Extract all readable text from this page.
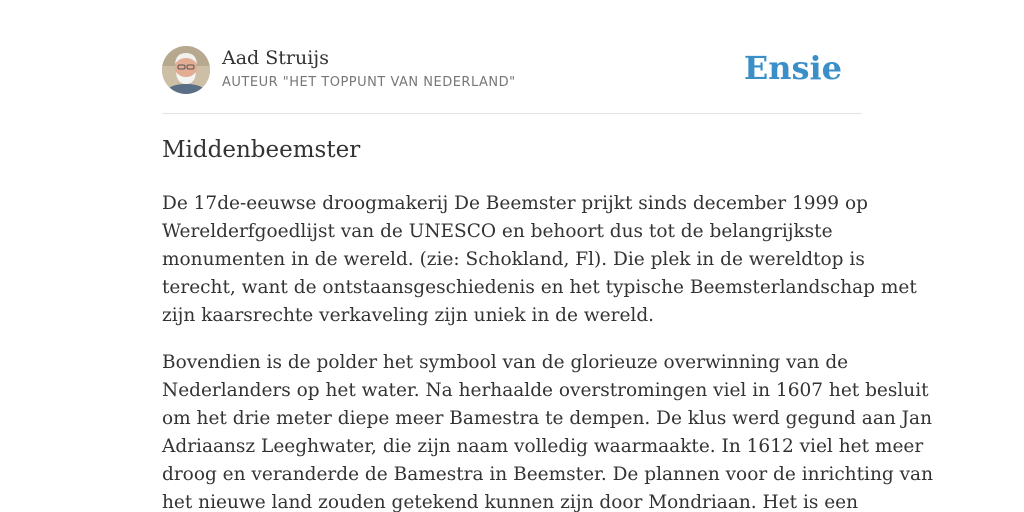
Aad Struijs
AUTEUR "HET TOPPUNT VAN NEDERLAND"	Ensie
Middenbeemster

De 17de-eeuwse droogmakerij De Beemster prijkt sinds december 1999 op
Werelderfgoedlijst van de UNESCO en behoort dus tot de belangrijkste
monumenten in de wereld. (zie: Schokland, Fl). Die plek in de wereldtop is
terecht, want de ontstaansgeschiedenis en het typische Beemsterlandschap met
zijn kaarsrechte verkaveling zijn uniek in de wereld.

Bovendien is de polder het symbool van de glorieuze overwinning van de
Nederlanders op het water. Na herhaalde overstromingen viel in 1607 het besluit
om het drie meter diepe meer Bamestra te dempen. De klus werd gegund aan Jan
Adriaansz Leeghwater, die zijn naam volledig waarmaakte. In 1612 viel het meer
droog en veranderde de Bamestra in Beemster. De plannen voor de inrichting van
het nieuwe land zouden getekend kunnen zijn door Mondriaan. Het is een
